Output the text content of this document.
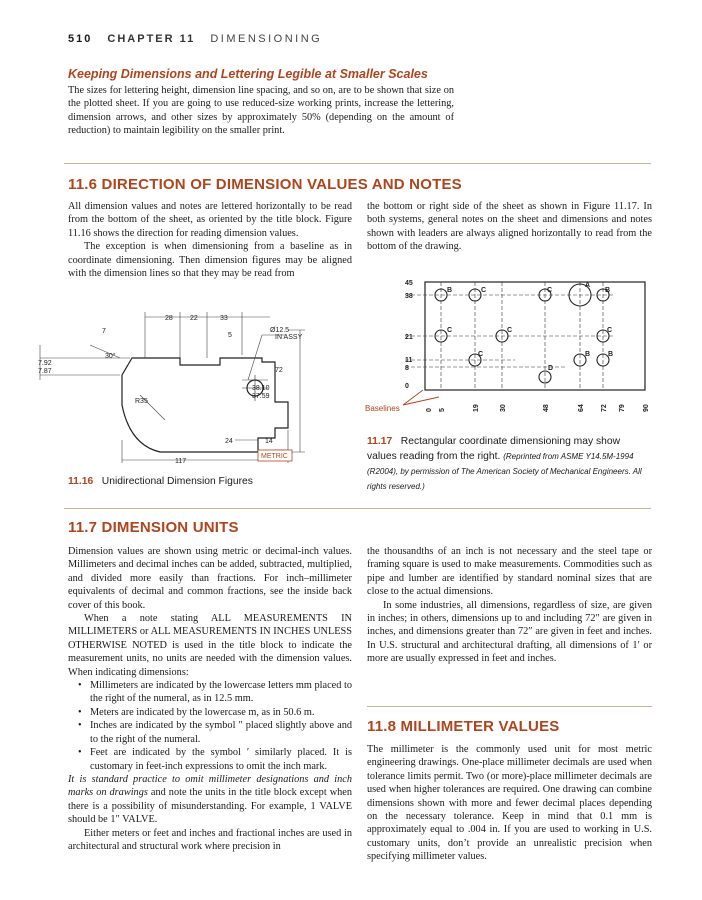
510 CHAPTER 11 DIMENSIONING
Keeping Dimensions and Lettering Legible at Smaller Scales

The sizes for lettering height, dimension line spacing, and so on, are to be shown that size on the plotted sheet. If you are going to use reduced-size working prints, increase the lettering, dimension arrows, and other sizes by approximately 50% (depending on the amount of reduction) to maintain legibility on the smaller print.

11.6 DIRECTION OF DIMENSION VALUES AND NOTES

All dimension values and notes are lettered horizontally to be read from the bottom of the sheet, as oriented by the title block. Figure 11.16 shows the direction for reading dimension values.

The exception is when dimensioning from a baseline as in coordinate dimensioning. Then dimension figures may be aligned with the dimension lines so that they may be read from

the bottom or right side of the sheet as shown in Figure 11.17. In both systems, general notes on the sheet and dimensions and notes shown with leaders are always aligned horizontally to read from the bottom of the drawing.

28 22	33
7
5
Ø12.5
IN ASSY
30°
7.92
7.87	72
38.10
37.59
R35
24	14
117
METRIC
11.16 Unidirectional Dimension Figures
B	C	C
A
B
C	C	C
C	B	B
D
45
38
21
11
8
0
0 5	19	30	48	64 72 79 90
Baselines
11.17 Rectangular coordinate dimensioning may show values reading from the right. (Reprinted from ASME Y14.5M-1994 (R2004), by permission of The American Society of Mechanical Engineers. All rights reserved.)
11.7 DIMENSION UNITS

Dimension values are shown using metric or decimal-inch values. Millimeters and decimal inches can be added, subtracted, multiplied, and divided more easily than fractions. For inch–millimeter equivalents of decimal and common fractions, see the inside back cover of this book.

When a note stating ALL MEASUREMENTS IN MILLIMETERS or ALL MEASUREMENTS IN INCHES UNLESS OTHERWISE NOTED is used in the title block to indicate the measurement units, no units are needed with the dimension values. When indicating dimensions:

• Millimeters are indicated by the lowercase letters mm placed to the right of the numeral, as in 12.5 mm.
• Meters are indicated by the lowercase m, as in 50.6 m.
• Inches are indicated by the symbol ″ placed slightly above and to the right of the numeral.
• Feet are indicated by the symbol ′ similarly placed. It is customary in feet-inch expressions to omit the inch mark.

It is standard practice to omit millimeter designations and inch marks on drawings and note the units in the title block except when there is a possibility of misunderstanding. For example, 1 VALVE should be 1″ VALVE.

Either meters or feet and inches and fractional inches are used in architectural and structural work where precision in

the thousandths of an inch is not necessary and the steel tape or framing square is used to make measurements. Commodities such as pipe and lumber are identified by standard nominal sizes that are close to the actual dimensions.

In some industries, all dimensions, regardless of size, are given in inches; in others, dimensions up to and including 72″ are given in inches, and dimensions greater than 72″ are given in feet and inches. In U.S. structural and architectural drafting, all dimensions of 1′ or more are usually expressed in feet and inches.

11.8 MILLIMETER VALUES

The millimeter is the commonly used unit for most metric engineering drawings. One-place millimeter decimals are used when tolerance limits permit. Two (or more)-place millimeter decimals are used when higher tolerances are required. One drawing can combine dimensions shown with more and fewer decimal places depending on the necessary tolerance. Keep in mind that 0.1 mm is approximately equal to .004 in. If you are used to working in U.S. customary units, don’t provide an unrealistic precision when specifying millimeter values.
